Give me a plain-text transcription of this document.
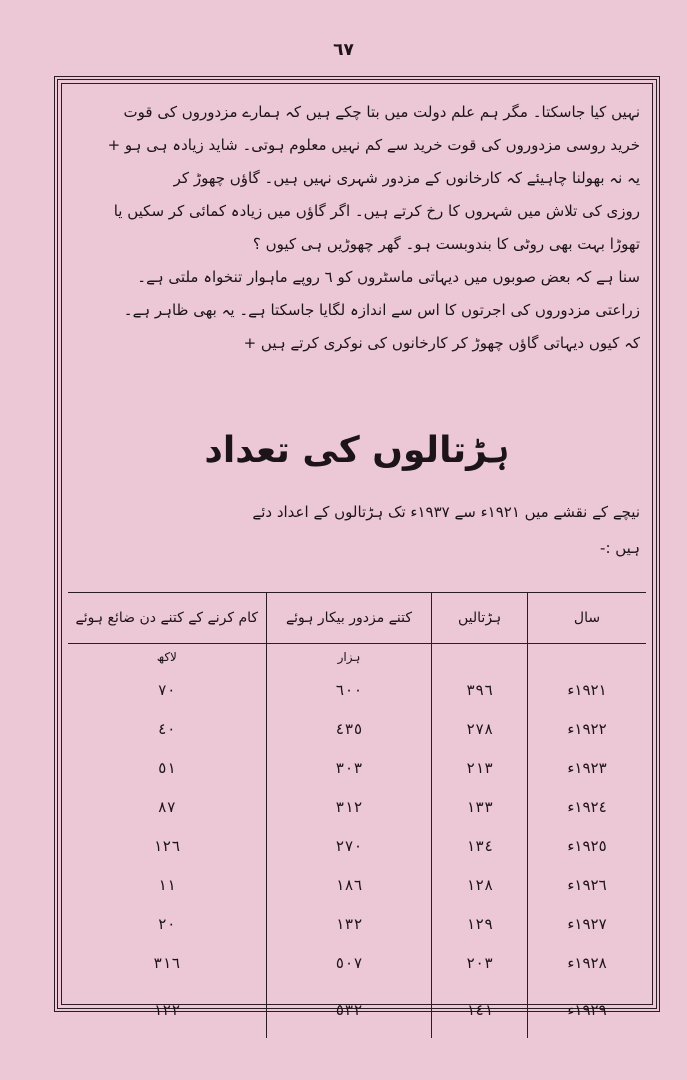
٦٧
نہیں کیا جاسکتا۔ مگر ہم علم دولت میں بتا چکے ہیں کہ ہمارے مزدوروں کی قوت
خرید روسی مزدوروں کی قوت خرید سے کم نہیں معلوم ہوتی۔ شاید زیادہ ہی ہو +
یہ نہ بھولنا چاہیئے کہ کارخانوں کے مزدور شہری نہیں ہیں۔ گاؤں چھوڑ کر
روزی کی تلاش میں شہروں کا رخ کرتے ہیں۔ اگر گاؤں میں زیادہ کمائی کر سکیں یا
تھوڑا بہت بھی روٹی کا بندوبست ہو۔ گھر چھوڑیں ہی کیوں ؟
سنا ہے کہ بعض صوبوں میں دیہاتی ماسٹروں کو ٦ روپے ماہوار تنخواہ ملتی ہے۔
زراعتی مزدوروں کی اجرتوں کا اس سے اندازہ لگایا جاسکتا ہے۔ یہ بھی ظاہر ہے۔
کہ کیوں دیہاتی گاؤں چھوڑ کر کارخانوں کی نوکری کرتے ہیں +
ہڑتالوں کی تعداد
نیچے کے نقشے میں ١٩٢١ء سے ١٩٣٧ء تک ہڑتالوں کے اعداد دئے
ہیں :-
سال	ہڑتالیں	کتنے مزدور بیکار ہوئے	کام کرنے کے کتنے دن ضائع ہوئے
		ہزار	لاکھ
١٩٢١ء	٣٩٦	٦٠٠	٧٠
١٩٢٢ء	٢٧٨	٤٣٥	٤٠
١٩٢٣ء	٢١٣	٣٠٣	٥١
١٩٢٤ء	١٣٣	٣١٢	٨٧
١٩٢٥ء	١٣٤	٢٧٠	١٢٦
١٩٢٦ء	١٢٨	١٨٦	١١
١٩٢٧ء	١٢٩	١٣٢	٢٠
١٩٢٨ء	٢٠٣	٥٠٧	٣١٦
١٩٢٩ء	١٤١	٥٣٢	١٢٢
